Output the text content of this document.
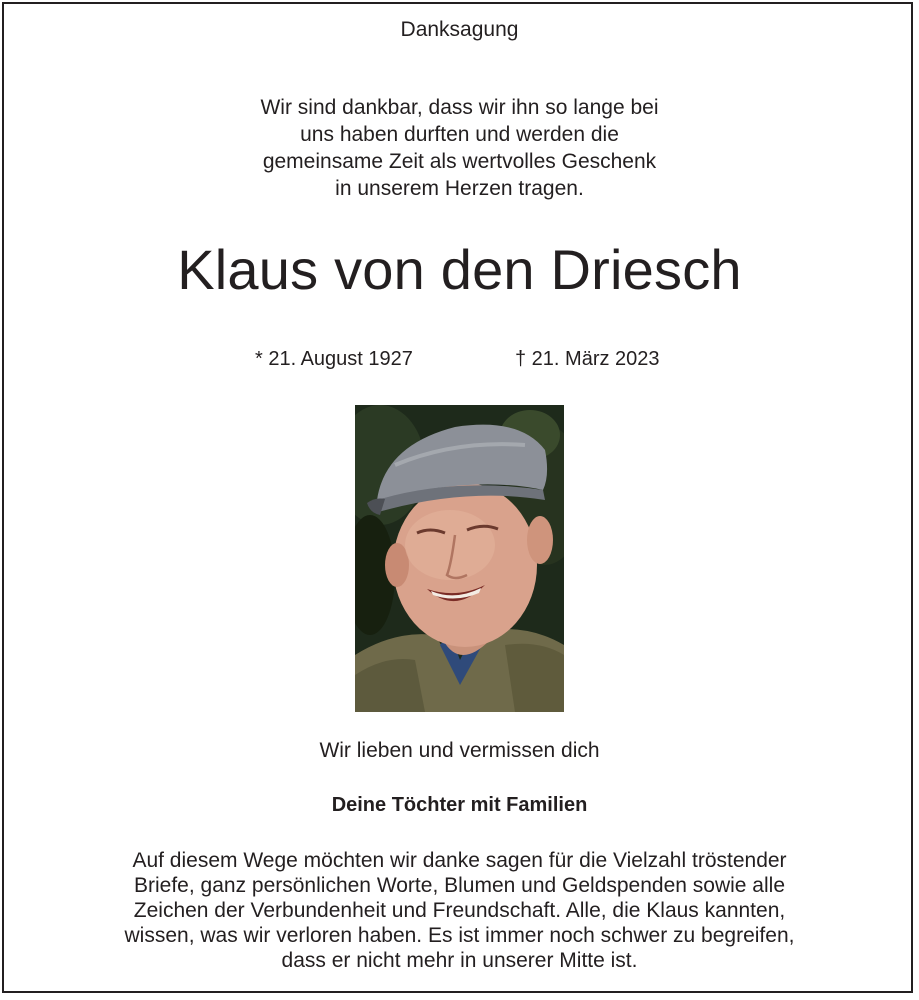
Danksagung
Wir sind dankbar, dass wir ihn so lange bei
uns haben durften und werden die
gemeinsame Zeit als wertvolles Geschenk
in unserem Herzen tragen.
Klaus von den Driesch
* 21. August 1927	† 21. März 2023
Wir lieben und vermissen dich
Deine Töchter mit Familien
Auf diesem Wege möchten wir danke sagen für die Vielzahl tröstender
Briefe, ganz persönlichen Worte, Blumen und Geldspenden sowie alle
Zeichen der Verbundenheit und Freundschaft. Alle, die Klaus kannten,
wissen, was wir verloren haben. Es ist immer noch schwer zu begreifen,
dass er nicht mehr in unserer Mitte ist.
